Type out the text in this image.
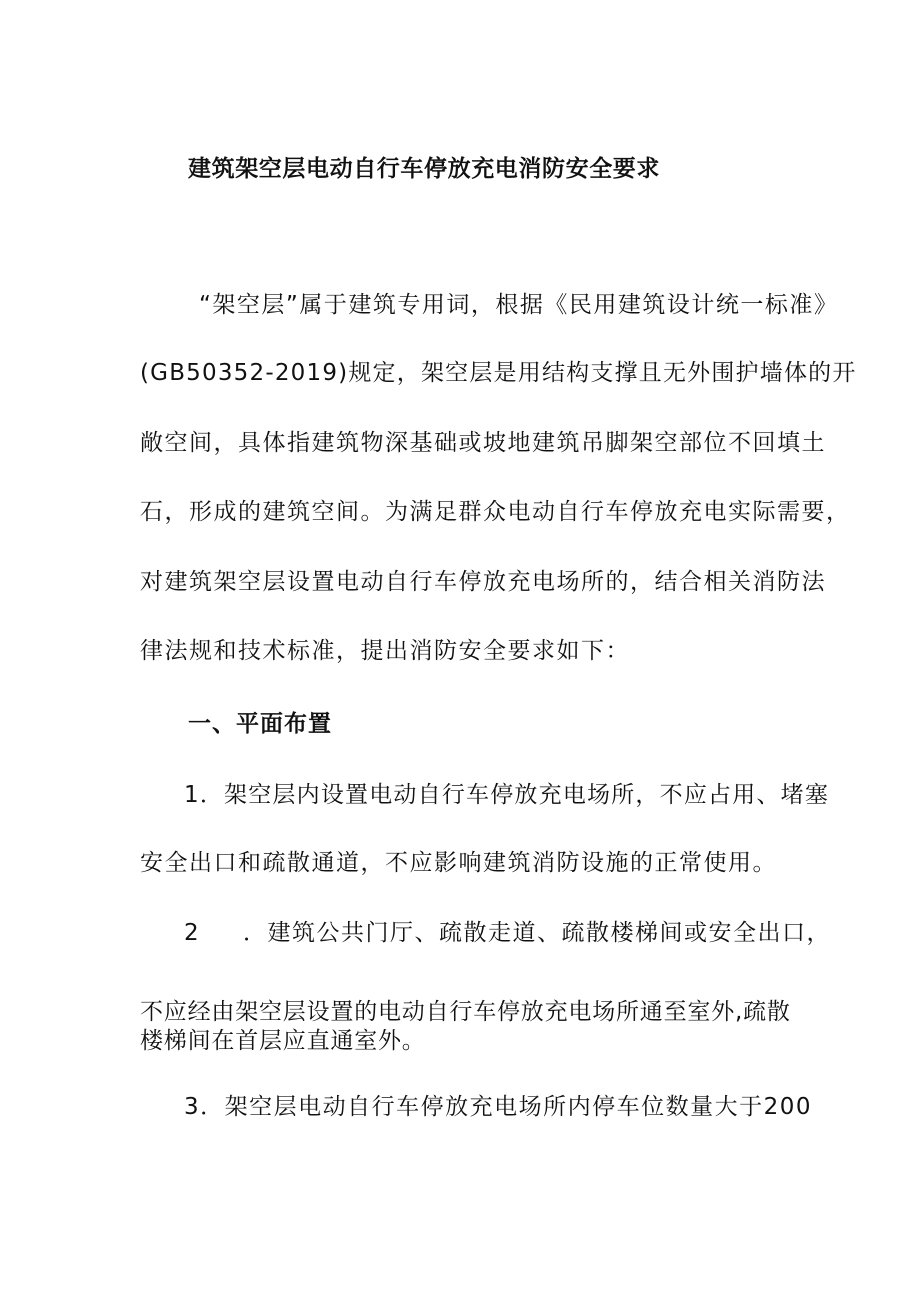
建筑架空层电动自行车停放充电消防安全要求
“架空层”属于建筑专用词，根据《民用建筑设计统一标准》
(GB50352-2019)规定，架空层是用结构支撑且无外围护墙体的开
敞空间，具体指建筑物深基础或坡地建筑吊脚架空部位不回填土
石，形成的建筑空间。为满足群众电动自行车停放充电实际需要，
对建筑架空层设置电动自行车停放充电场所的，结合相关消防法
律法规和技术标准，提出消防安全要求如下：
一、平面布置
1．架空层内设置电动自行车停放充电场所，不应占用、堵塞
安全出口和疏散通道，不应影响建筑消防设施的正常使用。
2 ．建筑公共门厅、疏散走道、疏散楼梯间或安全出口，
不应经由架空层设置的电动自行车停放充电场所通至室外,疏散
楼梯间在首层应直通室外。
3．架空层电动自行车停放充电场所内停车位数量大于200
